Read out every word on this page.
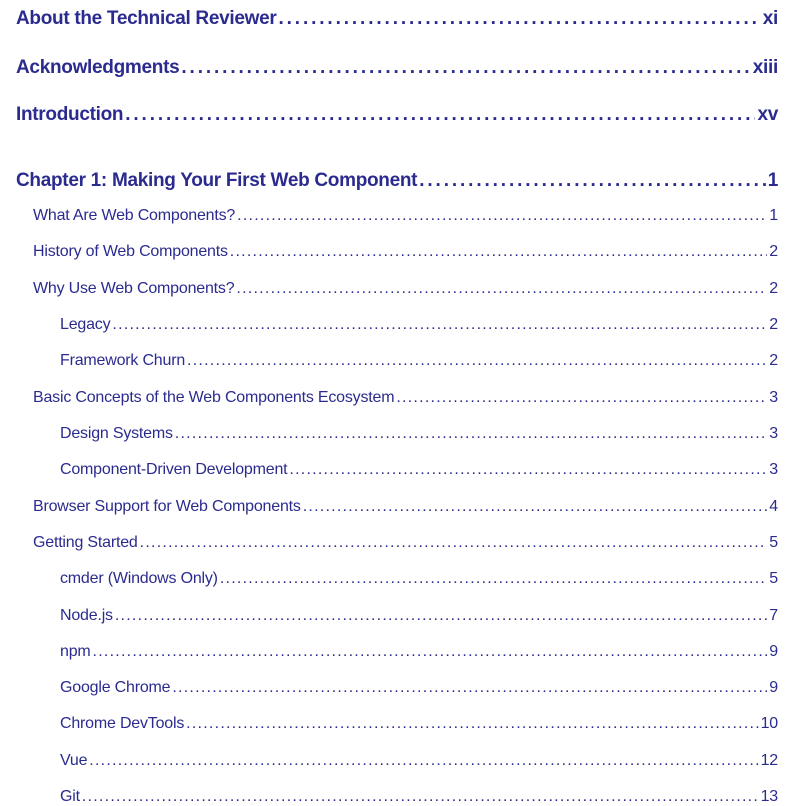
About the Technical Reviewer . . .	xi
Acknowledgments . . .	xiii
Introduction . . .	xv
Chapter 1: Making Your First Web Component . . .	1
What Are Web Components? . . .	1
History of Web Components . . .	2
Why Use Web Components? . . .	2
Legacy . . .	2
Framework Churn . . .	2
Basic Concepts of the Web Components Ecosystem . . .	3
Design Systems . . .	3
Component-Driven Development . . .	3
Browser Support for Web Components . . .	4
Getting Started . . .	5
cmder (Windows Only) . . .	5
Node.js . . .	7
npm . . .	9
Google Chrome . . .	9
Chrome DevTools . . .	10
Vue . . .	12
Git . . .	13
